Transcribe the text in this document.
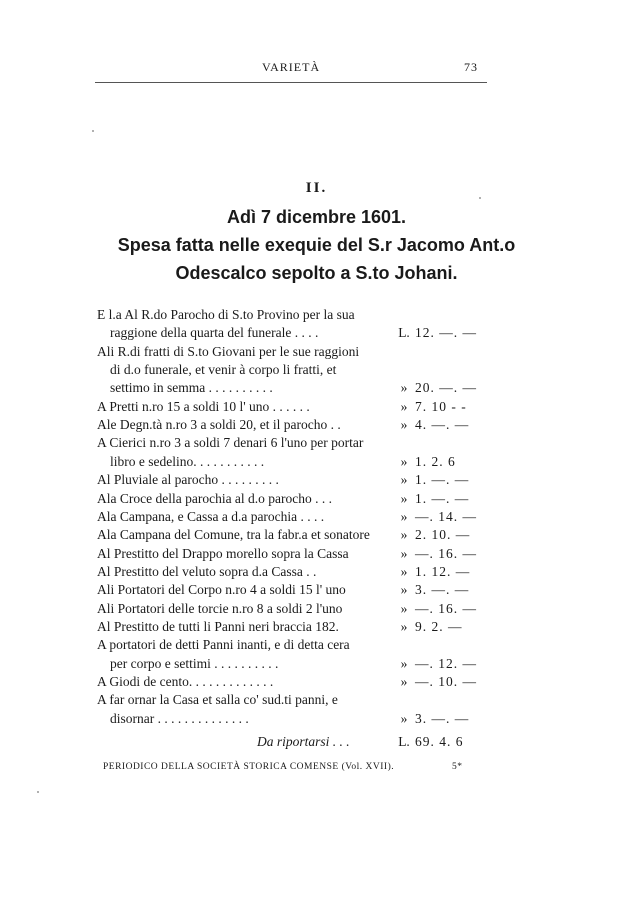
VARIETÀ	73
II.
Adì 7 dicembre 1601.
Spesa fatta nelle exequie del S.r Jacomo Ant.o
Odescalco sepolto a S.to Johani.
E l.a Al R.do Parocho di S.to Provino per la sua
raggione della quarta del funerale . . . .	L. 12. —. —
Ali R.di fratti di S.to Giovani per le sue raggioni
di d.o funerale, et venir à corpo li fratti, et
settimo in semma . . . . . . . . . .	» 20. —. —
A Pretti n.ro 15 a soldi 10 l' uno . . . . . .	» 7. 10 - -
Ale Degn.tà n.ro 3 a soldi 20, et il parocho . .	» 4. —. —
A Cierici n.ro 3 a soldi 7 denari 6 l'uno per portar
libro e sedelino. . . . . . . . . . .	» 1. 2. 6
Al Pluviale al parocho . . . . . . . . .	» 1. —. —
Ala Croce della parochia al d.o parocho . . .	» 1. —. —
Ala Campana, e Cassa a d.a parochia . . . .	» —. 14. —
Ala Campana del Comune, tra la fabr.a et sonatore » 2. 10. —
Al Prestitto del Drappo morello sopra la Cassa	» —. 16. —
Al Prestitto del veluto sopra d.a Cassa . .	» 1. 12. —
Ali Portatori del Corpo n.ro 4 a soldi 15 l' uno	» 3. —. —
Ali Portatori delle torcie n.ro 8 a soldi 2 l'uno	» —. 16. —
Al Prestitto de tutti li Panni neri braccia 182.	» 9. 2. —
A portatori de detti Panni inanti, e di detta cera
per corpo e settimi . . . . . . . . . .	» —. 12. —
A Giodi de cento. . . . . . . . . . . . .	» —. 10. —
A far ornar la Casa et salla co' sud.ti panni, e
disornar . . . . . . . . . . . . . .	» 3. —. —
Da riportarsi . . .	L. 69. 4. 6
PERIODICO DELLA SOCIETÀ STORICA COMENSE (Vol. XVII).	5*
